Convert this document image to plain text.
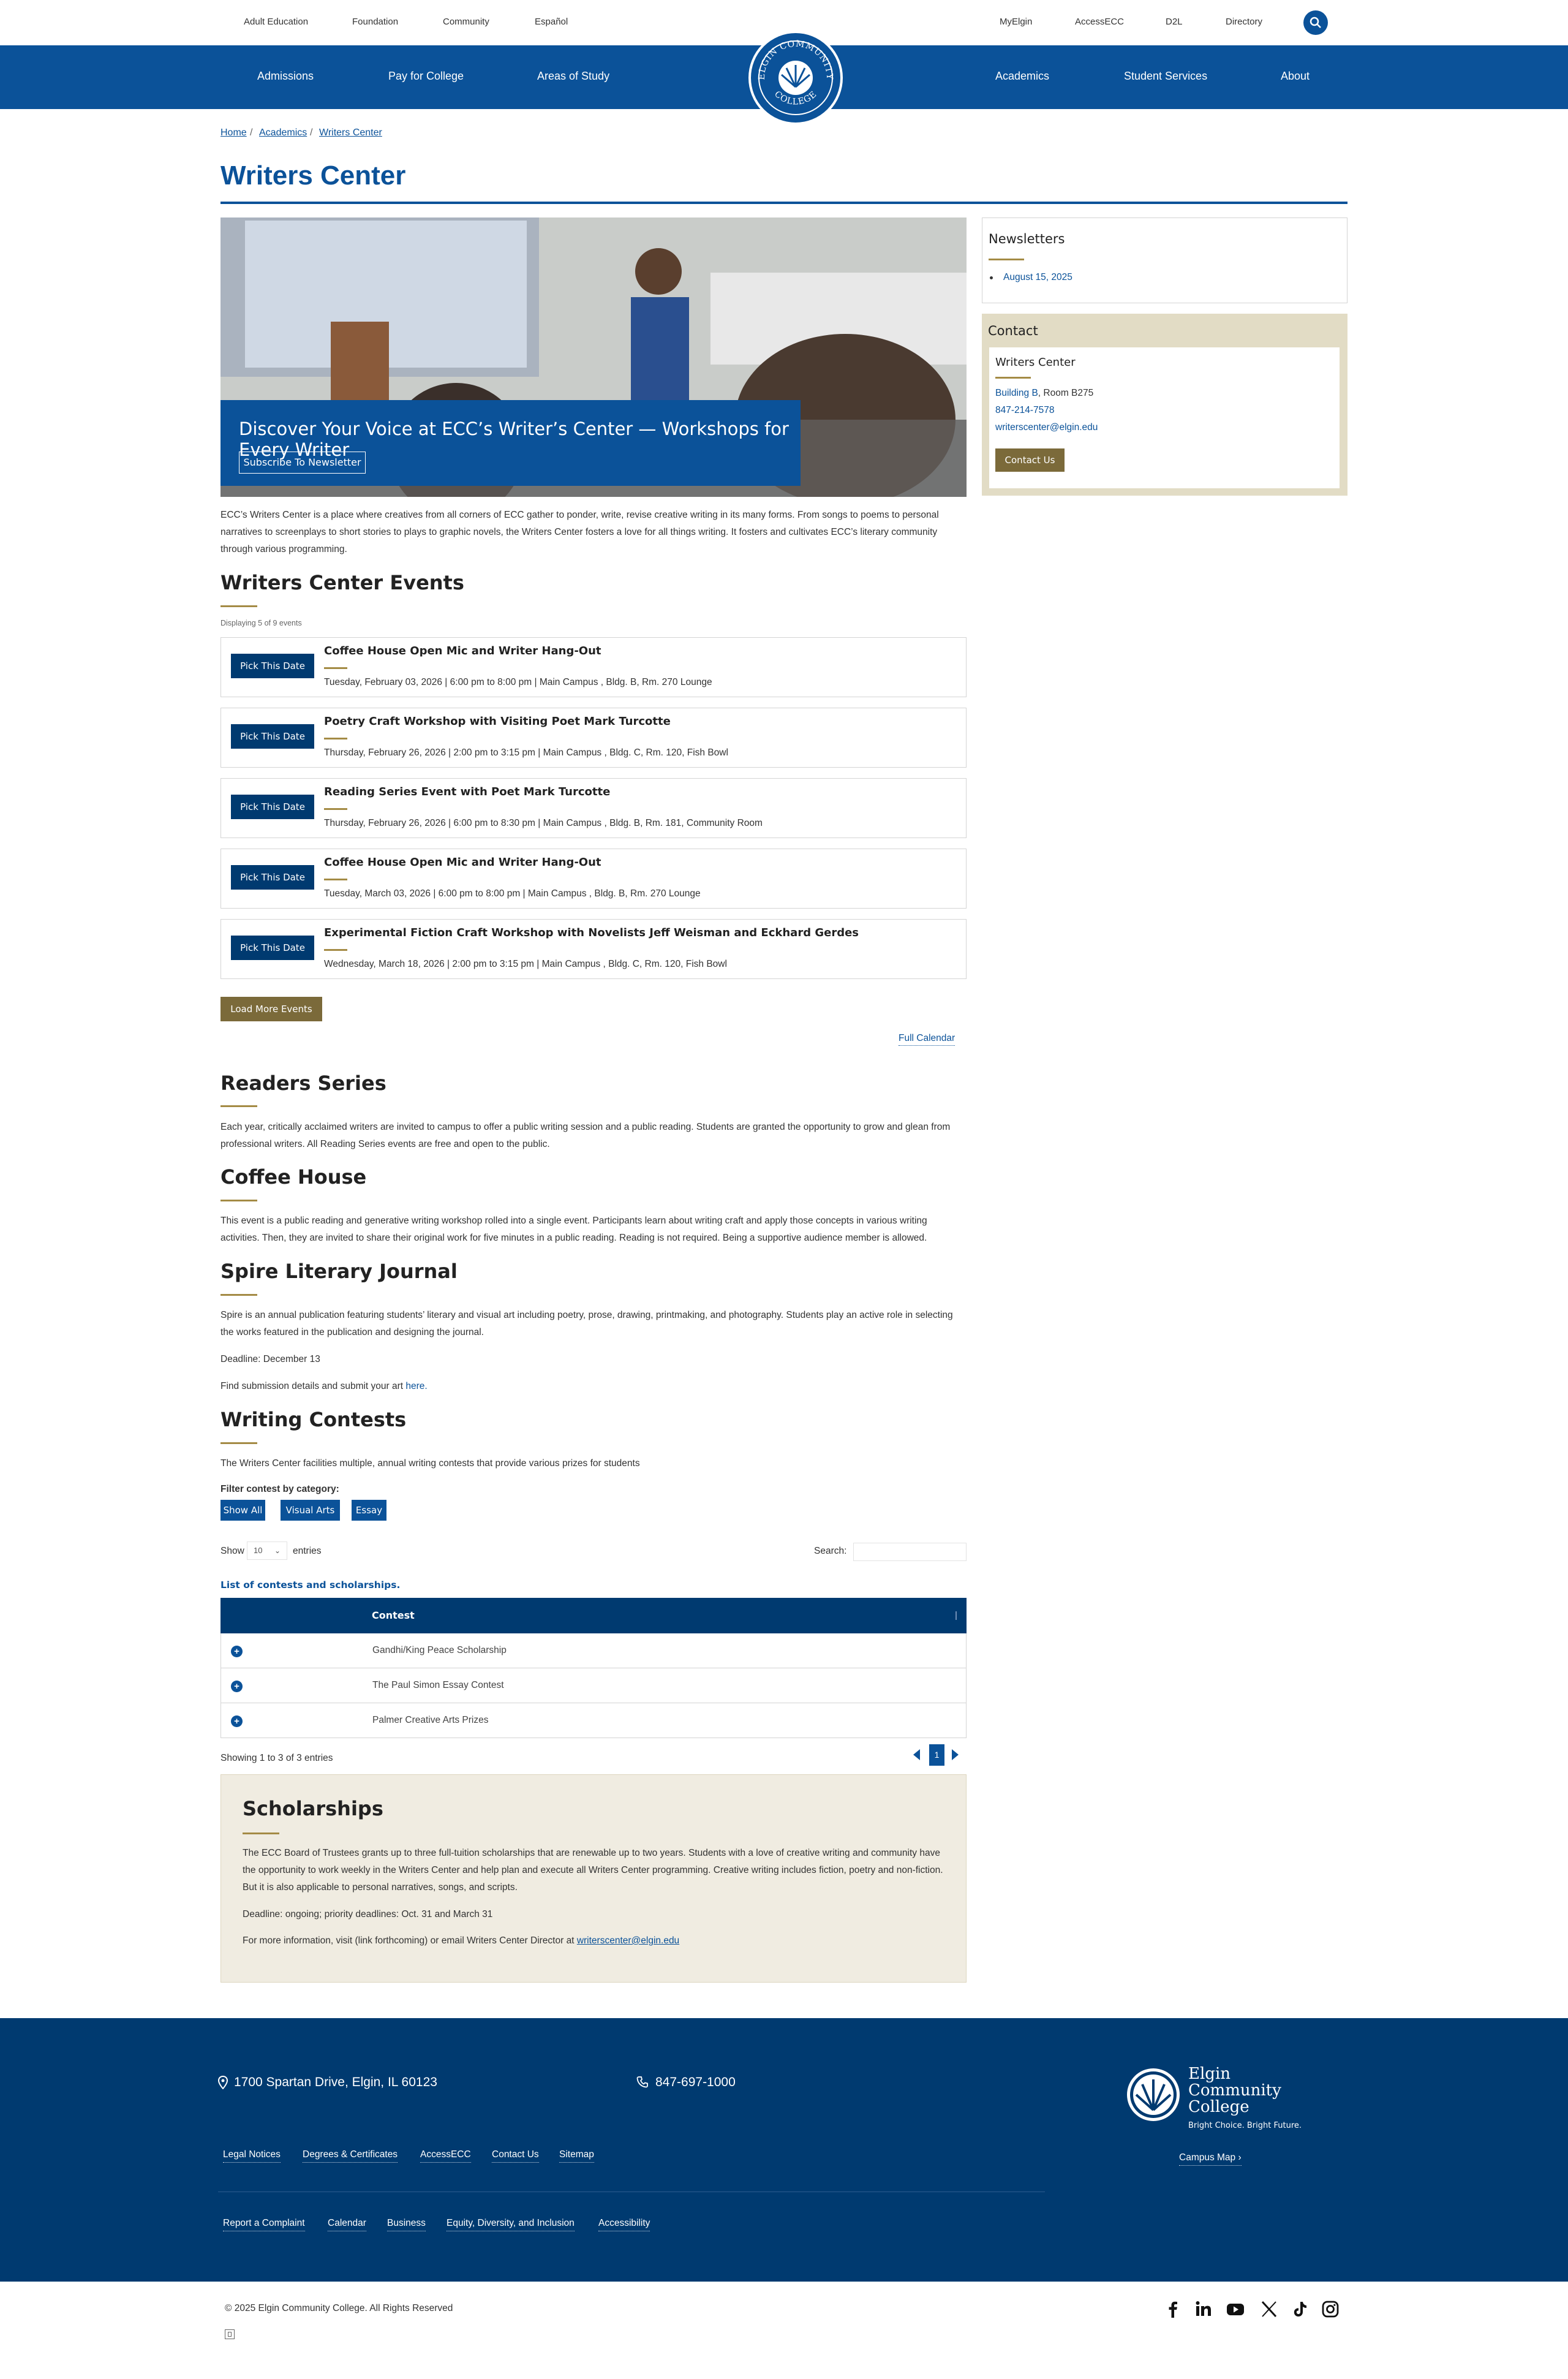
Adult Education	Foundation	Community	Español	MyElgin	AccessECC	D2L	Directory
Admissions	Pay for College	Areas of Study	Academics	Student Services	About
ELGIN COMMUNITY
COLLEGE
Home / Academics / Writers Center
Writers Center
Discover Your Voice at ECC’s Writer’s Center — Workshops for Every Writer
Subscribe To Newsletter
Newsletters
August 15, 2025
Contact
Writers Center
Building B, Room B275
847-214-7578
writerscenter@elgin.edu
Contact Us

ECC’s Writers Center is a place where creatives from all corners of ECC gather to ponder, write, revise creative writing in its many forms. From songs to poems to personal narratives to screenplays to short stories to plays to graphic novels, the Writers Center fosters a love for all things writing. It fosters and cultivates ECC’s literary community through various programming.

Writers Center Events
Displaying 5 of 9 events
Pick This Date
Coffee House Open Mic and Writer Hang-Out
Tuesday, February 03, 2026 | 6:00 pm to 8:00 pm | Main Campus , Bldg. B, Rm. 270 Lounge
Pick This Date
Poetry Craft Workshop with Visiting Poet Mark Turcotte
Thursday, February 26, 2026 | 2:00 pm to 3:15 pm | Main Campus , Bldg. C, Rm. 120, Fish Bowl
Pick This Date
Reading Series Event with Poet Mark Turcotte
Thursday, February 26, 2026 | 6:00 pm to 8:30 pm | Main Campus , Bldg. B, Rm. 181, Community Room
Pick This Date
Coffee House Open Mic and Writer Hang-Out
Tuesday, March 03, 2026 | 6:00 pm to 8:00 pm | Main Campus , Bldg. B, Rm. 270 Lounge
Pick This Date
Experimental Fiction Craft Workshop with Novelists Jeff Weisman and Eckhard Gerdes
Wednesday, March 18, 2026 | 2:00 pm to 3:15 pm | Main Campus , Bldg. C, Rm. 120, Fish Bowl
Load More Events
Full Calendar
Readers Series

Each year, critically acclaimed writers are invited to campus to offer a public writing session and a public reading. Students are granted the opportunity to grow and glean from professional writers. All Reading Series events are free and open to the public.

Coffee House

This event is a public reading and generative writing workshop rolled into a single event. Participants learn about writing craft and apply those concepts in various writing activities. Then, they are invited to share their original work for five minutes in a public reading. Reading is not required. Being a supportive audience member is allowed.

Spire Literary Journal

Spire is an annual publication featuring students’ literary and visual art including poetry, prose, drawing, printmaking, and photography. Students play an active role in selecting the works featured in the publication and designing the journal.

Deadline: December 13

Find submission details and submit your art here.

Writing Contests

The Writers Center facilities multiple, annual writing contests that provide various prizes for students

Filter contest by category:
Show All	Visual Arts	Essay
Show	10 ⌄ entries	Search:
List of contests and scholarships.
Contest
+	Gandhi/King Peace Scholarship
+	The Paul Simon Essay Contest
+	Palmer Creative Arts Prizes
Showing 1 to 3 of 3 entries	1
Scholarships

The ECC Board of Trustees grants up to three full-tuition scholarships that are renewable up to two years. Students with a love of creative writing and community have the opportunity to work weekly in the Writers Center and help plan and execute all Writers Center programming. Creative writing includes fiction, poetry and non-fiction. But it is also applicable to personal narratives, songs, and scripts.

Deadline: ongoing; priority deadlines: Oct. 31 and March 31

For more information, visit (link forthcoming) or email Writers Center Director at writerscenter@elgin.edu

1700 Spartan Drive, Elgin, IL 60123	847-697-1000
Legal Notices Degrees & Certificates AccessECC Contact Us Sitemap
Report a Complaint Calendar Business Equity, Diversity, and Inclusion	Accessibility
Elgin
Community
College
Bright Choice. Bright Future.
Campus Map ›
© 2025 Elgin Community College. All Rights Reserved
